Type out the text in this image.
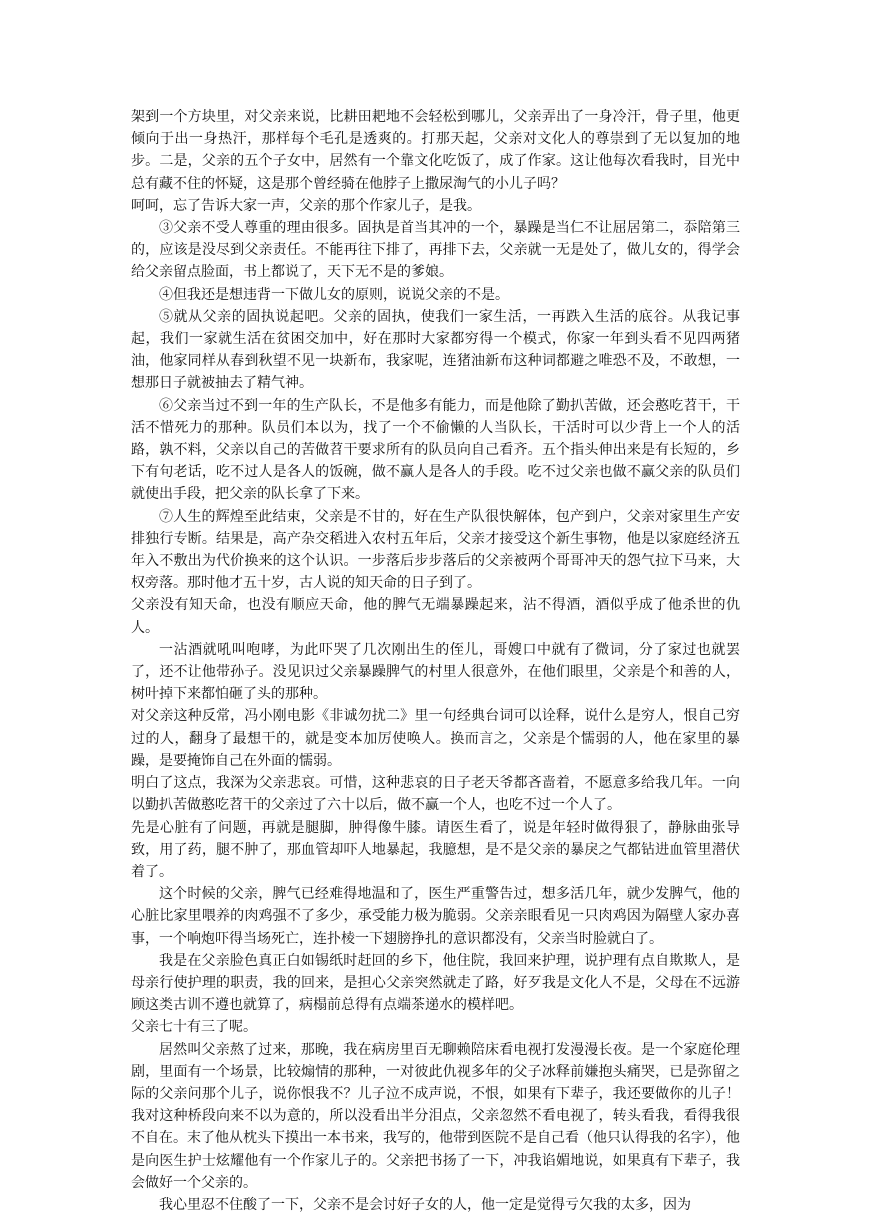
架到一个方块里，对父亲来说，比耕田耙地不会轻松到哪儿，父亲弄出了一身冷汗，骨子里，他更倾向于出一身热汗，那样每个毛孔是透爽的。打那天起，父亲对文化人的尊崇到了无以复加的地步。二是，父亲的五个子女中，居然有一个靠文化吃饭了，成了作家。这让他每次看我时，目光中总有藏不住的怀疑，这是那个曾经骑在他脖子上撒尿淘气的小儿子吗？

呵呵，忘了告诉大家一声，父亲的那个作家儿子，是我。

③父亲不受人尊重的理由很多。固执是首当其冲的一个，暴躁是当仁不让屈居第二，忝陪第三的，应该是没尽到父亲责任。不能再往下排了，再排下去，父亲就一无是处了，做儿女的，得学会给父亲留点脸面，书上都说了，天下无不是的爹娘。

④但我还是想违背一下做儿女的原则，说说父亲的不是。

⑤就从父亲的固执说起吧。父亲的固执，使我们一家生活，一再跌入生活的底谷。从我记事起，我们一家就生活在贫困交加中，好在那时大家都穷得一个模式，你家一年到头看不见四两猪油，他家同样从春到秋望不见一块新布，我家呢，连猪油新布这种词都避之唯恐不及，不敢想，一想那日子就被抽去了精气神。

⑥父亲当过不到一年的生产队长，不是他多有能力，而是他除了勤扒苦做，还会憨吃苕干，干活不惜死力的那种。队员们本以为，找了一个不偷懒的人当队长，干活时可以少背上一个人的活路，孰不料，父亲以自己的苦做苕干要求所有的队员向自己看齐。五个指头伸出来是有长短的，乡下有句老话，吃不过人是各人的饭碗，做不赢人是各人的手段。吃不过父亲也做不赢父亲的队员们就使出手段，把父亲的队长拿了下来。

⑦人生的辉煌至此结束，父亲是不甘的，好在生产队很快解体，包产到户，父亲对家里生产安排独行专断。结果是，高产杂交稻进入农村五年后，父亲才接受这个新生事物，他是以家庭经济五年入不敷出为代价换来的这个认识。一步落后步步落后的父亲被两个哥哥冲天的怨气拉下马来，大权旁落。那时他才五十岁，古人说的知天命的日子到了。

父亲没有知天命，也没有顺应天命，他的脾气无端暴躁起来，沾不得酒，酒似乎成了他杀世的仇人。

一沾酒就吼叫咆哮，为此吓哭了几次刚出生的侄儿，哥嫂口中就有了微词，分了家过也就罢了，还不让他带孙子。没见识过父亲暴躁脾气的村里人很意外，在他们眼里，父亲是个和善的人，树叶掉下来都怕砸了头的那种。

对父亲这种反常，冯小刚电影《非诚勿扰二》里一句经典台词可以诠释，说什么是穷人，恨自己穷过的人，翻身了最想干的，就是变本加厉使唤人。换而言之，父亲是个懦弱的人，他在家里的暴躁，是要掩饰自己在外面的懦弱。

明白了这点，我深为父亲悲哀。可惜，这种悲哀的日子老天爷都吝啬着，不愿意多给我几年。一向以勤扒苦做憨吃苕干的父亲过了六十以后，做不赢一个人，也吃不过一个人了。

先是心脏有了问题，再就是腿脚，肿得像牛膝。请医生看了，说是年轻时做得狠了，静脉曲张导致，用了药，腿不肿了，那血管却吓人地暴起，我臆想，是不是父亲的暴戾之气都钻进血管里潜伏着了。

这个时候的父亲，脾气已经难得地温和了，医生严重警告过，想多活几年，就少发脾气，他的心脏比家里喂养的肉鸡强不了多少，承受能力极为脆弱。父亲亲眼看见一只肉鸡因为隔壁人家办喜事，一个响炮吓得当场死亡，连扑棱一下翅膀挣扎的意识都没有，父亲当时脸就白了。

我是在父亲脸色真正白如锡纸时赶回的乡下，他住院，我回来护理，说护理有点自欺欺人，是母亲行使护理的职责，我的回来，是担心父亲突然就走了路，好歹我是文化人不是，父母在不远游顾这类古训不遵也就算了，病榻前总得有点端茶递水的模样吧。

父亲七十有三了呢。

居然叫父亲熬了过来，那晚，我在病房里百无聊赖陪床看电视打发漫漫长夜。是一个家庭伦理剧，里面有一个场景，比较煽情的那种，一对彼此仇视多年的父子冰释前嫌抱头痛哭，已是弥留之际的父亲问那个儿子，说你恨我不？儿子泣不成声说，不恨，如果有下辈子，我还要做你的儿子！我对这种桥段向来不以为意的，所以没看出半分泪点，父亲忽然不看电视了，转头看我，看得我很不自在。末了他从枕头下摸出一本书来，我写的，他带到医院不是自己看（他只认得我的名字），他是向医生护士炫耀他有一个作家儿子的。父亲把书扬了一下，冲我谄媚地说，如果真有下辈子，我会做好一个父亲的。

我心里忍不住酸了一下，父亲不是会讨好子女的人，他一定是觉得亏欠我的太多，因为
